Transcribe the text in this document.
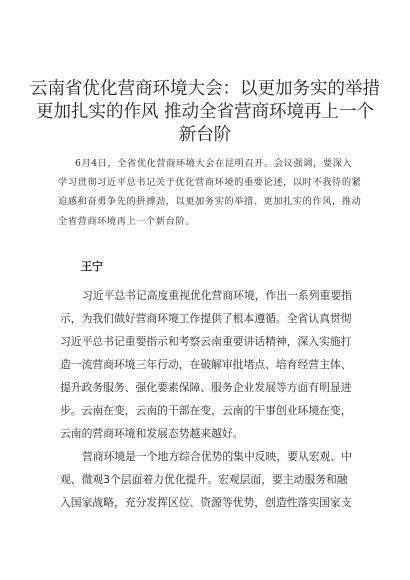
云南省优化营商环境大会：以更加务实的举措
更加扎实的作风 推动全省营商环境再上一个
新台阶
6月4日，全省优化营商环境大会在昆明召开。会议强调，要深入
学习贯彻习近平总书记关于优化营商环境的重要论述，以时不我待的紧
迫感和奋勇争先的拼搏劲，以更加务实的举措、更加扎实的作风，推动
全省营商环境再上一个新台阶。
王宁
习近平总书记高度重视优化营商环境，作出一系列重要指
示，为我们做好营商环境工作提供了根本遵循。全省认真贯彻
习近平总书记重要指示和考察云南重要讲话精神，深入实施打
造一流营商环境三年行动，在破解审批堵点、培育经营主体、
提升政务服务、强化要素保障、服务企业发展等方面有明显进
步。云南在变，云南的干部在变，云南的干事创业环境在变，
云南的营商环境和发展态势越来越好。
营商环境是一个地方综合优势的集中反映，要从宏观、中
观、微观3个层面着力优化提升。宏观层面，要主动服务和融
入国家战略，充分发挥区位、资源等优势，创造性落实国家支
